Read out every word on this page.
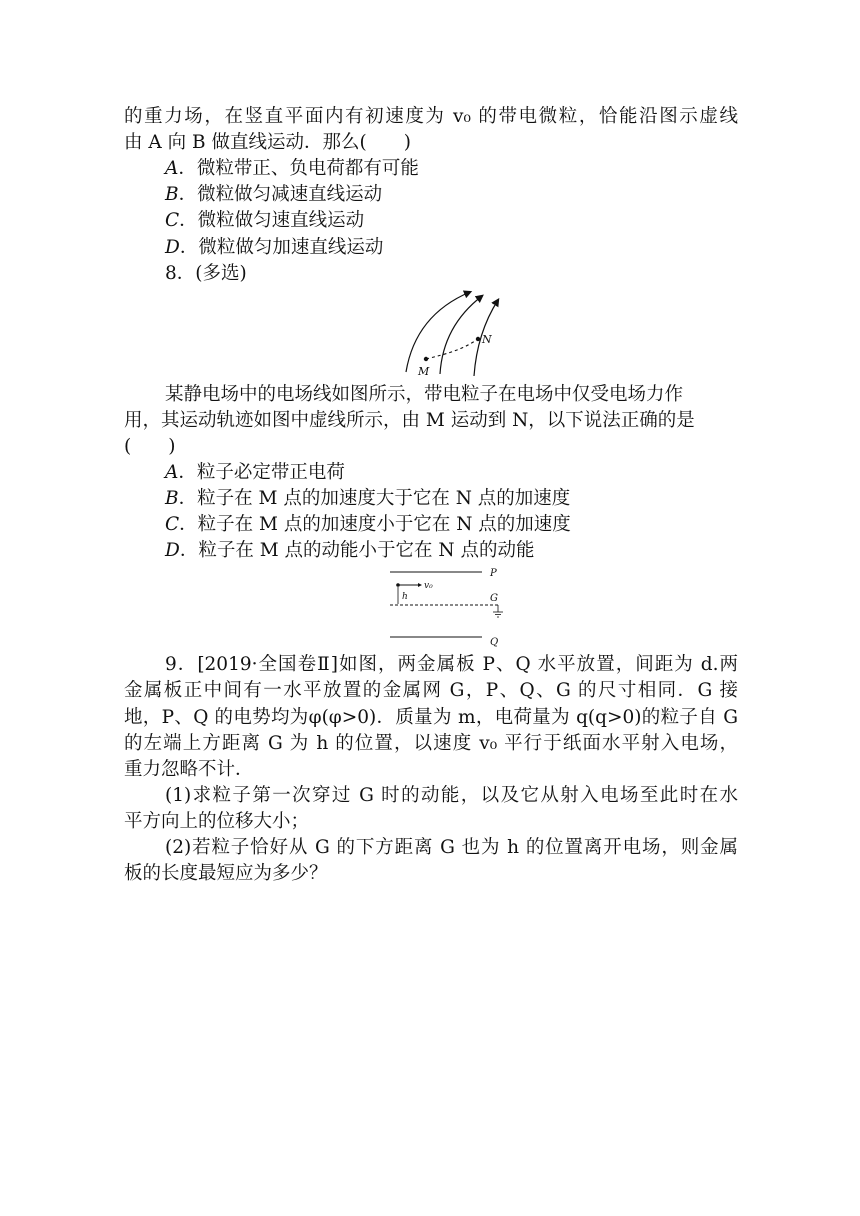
的重力场，在竖直平面内有初速度为 v₀ 的带电微粒，恰能沿图示虚线
由 A 向 B 做直线运动．那么(　　)
A．微粒带正、负电荷都有可能
B．微粒做匀减速直线运动
C．微粒做匀速直线运动
D．微粒做匀加速直线运动
8．(多选)
M
N
某静电场中的电场线如图所示，带电粒子在电场中仅受电场力作
用，其运动轨迹如图中虚线所示，由 M 运动到 N，以下说法正确的是
(　　)
A．粒子必定带正电荷
B．粒子在 M 点的加速度大于它在 N 点的加速度
C．粒子在 M 点的加速度小于它在 N 点的加速度
D．粒子在 M 点的动能小于它在 N 点的动能
P
v₀
h	G
Q
9．[2019·全国卷Ⅱ]如图，两金属板 P、Q 水平放置，间距为 d.两
金属板正中间有一水平放置的金属网 G，P、Q、G 的尺寸相同．G 接
地，P、Q 的电势均为φ(φ>0)．质量为 m，电荷量为 q(q>0)的粒子自 G
的左端上方距离 G 为 h 的位置，以速度 v₀ 平行于纸面水平射入电场，
重力忽略不计．
(1)求粒子第一次穿过 G 时的动能，以及它从射入电场至此时在水
平方向上的位移大小；
(2)若粒子恰好从 G 的下方距离 G 也为 h 的位置离开电场，则金属
板的长度最短应为多少？
